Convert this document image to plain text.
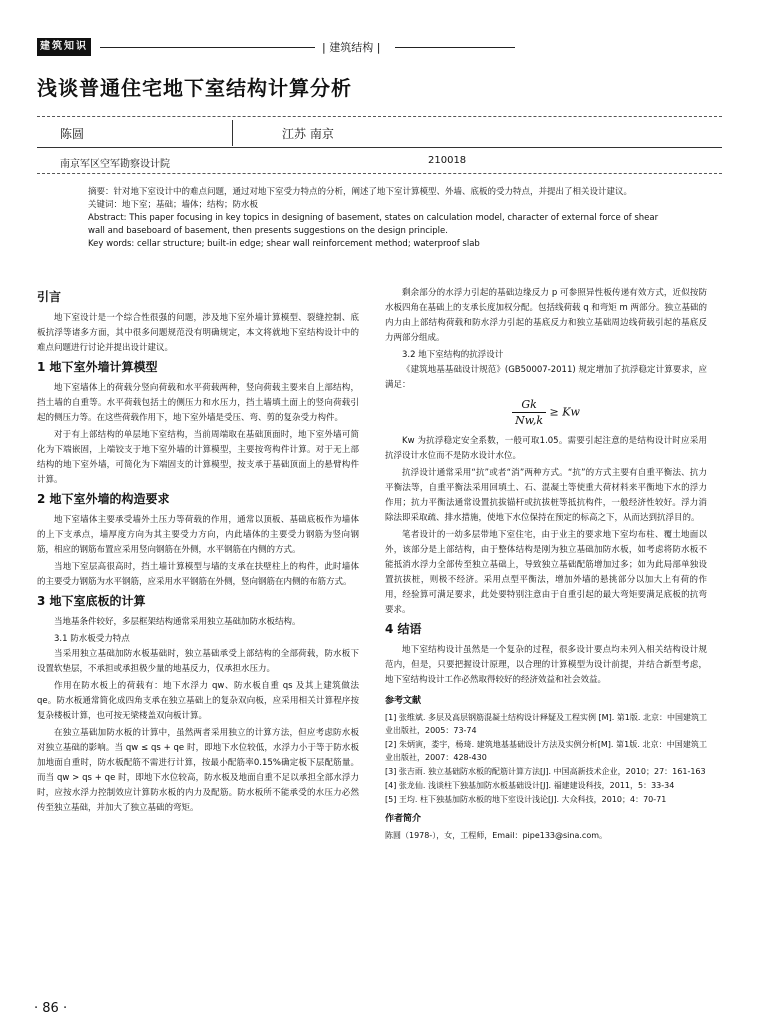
建筑知识	| 建筑结构 |
浅谈普通住宅地下室结构计算分析
陈圆	江苏 南京
南京军区空军勘察设计院	210018

摘要：针对地下室设计中的难点问题，通过对地下室受力特点的分析，阐述了地下室计算模型、外墙、底板的受力特点，并提出了相关设计建议。

关键词：地下室；基础；墙体；结构；防水板

Abstract: This paper focusing in key topics in designing of basement, states on calculation model, character of external force of shear wall and baseboard of basement, then presents suggestions on the design principle.

Key words: cellar structure; built-in edge; shear wall reinforcement method; waterproof slab

引言

地下室设计是一个综合性很强的问题，涉及地下室外墙计算模型、裂缝控制、底板抗浮等诸多方面，其中很多问题规范没有明确规定，本文将就地下室结构设计中的难点问题进行讨论并提出设计建议。

1 地下室外墙计算模型

地下室墙体上的荷载分竖向荷载和水平荷载两种，竖向荷载主要来自上部结构，挡土墙的自重等。水平荷载包括土的侧压力和水压力，挡土墙填土面上的竖向荷载引起的侧压力等。在这些荷载作用下，地下室外墙是受压、弯、剪的复杂受力构件。

对于有上部结构的单层地下室结构，当前周端取在基础顶面时，地下室外墙可简化为下端嵌固，上端铰支于地下室外墙的计算模型，主要按弯构件计算。对于无上部结构的地下室外墙，可简化为下端固支的计算模型，按支承于基础顶面上的悬臂构件计算。

2 地下室外墙的构造要求

地下室墙体主要承受墙外土压力等荷载的作用，通常以顶板、基础底板作为墙体的上下支承点，墙厚度方向为其主要受力方向，内此墙体的主要受力钢筋为竖向钢筋，相应的钢筋布置应采用竖向钢筋在外侧，水平钢筋在内侧的方式。

当地下室层高很高时，挡土墙计算模型与墙的支承在扶壁柱上的构件，此时墙体的主要受力钢筋为水平钢筋，应采用水平钢筋在外侧，竖向钢筋在内侧的布筋方式。

3 地下室底板的计算

当地基条件较好，多层框架结构通常采用独立基础加防水板结构。

3.1 防水板受力特点

当采用独立基础加防水板基础时，独立基础承受上部结构的全部荷载，防水板下设置软垫层，不承担或承担极少量的地基反力，仅承担水压力。

作用在防水板上的荷载有：地下水浮力 qw、防水板自重 qs 及其上建筑做法 qe。防水板通常简化成四角支承在独立基础上的复杂双向板，应采用相关计算程序按复杂楼板计算，也可按无梁楼盖双向板计算。

在独立基础加防水板的计算中，虽然两者采用独立的计算方法，但应考虑防水板对独立基础的影响。当 qw ≤ qs + qe 时，即地下水位较低，水浮力小于等于防水板加地面自重时，防水板配筋不需进行计算，按最小配筋率0.15%确定板下层配筋量。而当 qw > qs + qe 时，即地下水位较高，防水板及地面自重不足以承担全部水浮力时，应按水浮力控制效应计算防水板的内力及配筋。防水板所不能承受的水压力必然传至独立基础，并加大了独立基础的弯矩。

剩余部分的水浮力引起的基础边缘反力 p 可参照异性板传递有效方式，近似按防水板四角在基础上的支承长度加权分配。包括线荷载 q 和弯矩 m 两部分。独立基础的内力由上部结构荷载和防水浮力引起的基底反力和独立基础周边线荷载引起的基底反力两部分组成。

3.2 地下室结构的抗浮设计

《建筑地基基础设计规范》(GB50007-2011) 规定增加了抗浮稳定计算要求，应满足：

$\frac{Gk}{Nw,k} \ge Kw$

Kw 为抗浮稳定安全系数，一般可取1.05。需要引起注意的是结构设计时应采用抗浮设计水位而不是防水设计水位。

抗浮设计通常采用“抗”或者“消”两种方式。“抗”的方式主要有自重平衡法、抗力平衡法等，自重平衡法采用回填土、石、混凝土等使重大荷材料来平衡地下水的浮力作用；抗力平衡法通常设置抗拔锚杆或抗拔桩等抵抗构件，一般经济性较好。浮力消除法即采取疏、排水措施，使地下水位保持在预定的标高之下，从而达到抗浮目的。

笔者设计的一幼多层带地下室住宅，由于业主的要求地下室均布柱、覆土地面以外，该部分是上部结构，由于整体结构是刚为独立基础加防水板，如考虑将防水板不能抵消水浮力全部传至独立基础上，导致独立基础配筋增加过多；如为此局部单独设置抗拔桩，则极不经济。采用点型平衡法，增加外墙的悬挑部分以加大上有荷的作用，经验算可满足要求，此处要特别注意由于自重引起的最大弯矩要满足底板的抗弯要求。

4 结语

地下室结构设计虽然是一个复杂的过程，很多设计要点均未列入相关结构设计规范内，但是，只要把握设计原理，以合理的计算模型为设计前提，并结合新型考虑，地下室结构设计工作必然取得较好的经济效益和社会效益。

参考文献

[1] 张维斌. 多层及高层钢筋混凝土结构设计释疑及工程实例 [M]. 第1版. 北京：中国建筑工业出版社，2005：73-74

[2] 朱炳寅，娄宇，杨琦. 建筑地基基础设计方法及实例分析[M]. 第1版. 北京：中国建筑工业出版社，2007：428-430

[3] 张吉雨. 独立基础防水板的配筋计算方法[J]. 中国高新技术企业，2010；27：161-163

[4] 张龙仙. 浅谈柱下独基加防水板基础设计[J]. 福建建设科技，2011，5：33-34

[5] 王均. 柱下独基加防水板的地下室设计浅论[J]. 大众科技，2010；4：70-71

作者简介

陈圆（1978-），女，工程师，Email：pipe133@sina.com。

· 86 ·
